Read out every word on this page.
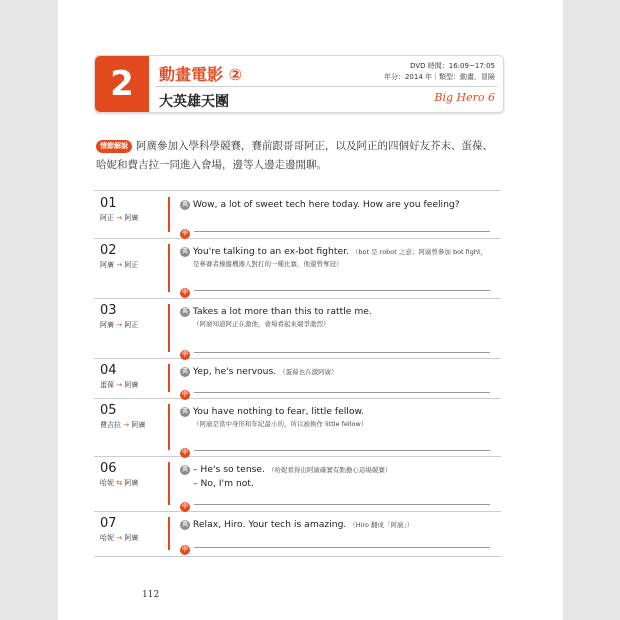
2	動畫電影 ②
大英雄天團
DVD 時間：16:09~17:05
年分：2014 年｜類型：動畫、冒險
Big Hero 6
情節解說 阿廣參加入學科學競賽，賽前跟哥哥阿正，以及阿正的四個好友芥末、蛋葆、
哈妮和費吉拉一同進入會場，邊等人邊走邊閒聊。
01
阿正 → 阿廣
英 Wow, a lot of sweet tech here today. How are you feeling?
中
02
阿廣 → 阿正
英 You're talking to an ex-bot fighter. （bot 是 robot 之意；阿廣曾參加 bot fight，
是參賽者操縱機器人對打的一種比賽，他還曾奪冠）
中
03
阿廣 → 阿正
英 Takes a lot more than this to rattle me.
（阿廣知道阿正在激他，會場看起來競爭激烈）
中
04
蛋葆 → 阿廣
英 Yep, he's nervous. （蛋葆也在激阿廣）
中
05
費吉拉 → 阿廣
英 You have nothing to fear, little fellow.
（阿廣是當中身形和年紀最小的，所以被換作 little fellow）
中
06
哈妮 ⇆ 阿廣
英 – He's so tense. （哈妮看得出阿廣確實有點擔心這場競賽）
– No, I'm not.
中
07
哈妮 → 阿廣
英 Relax, Hiro. Your tech is amazing. （Hiro 翻成「阿廣」）
中
112
